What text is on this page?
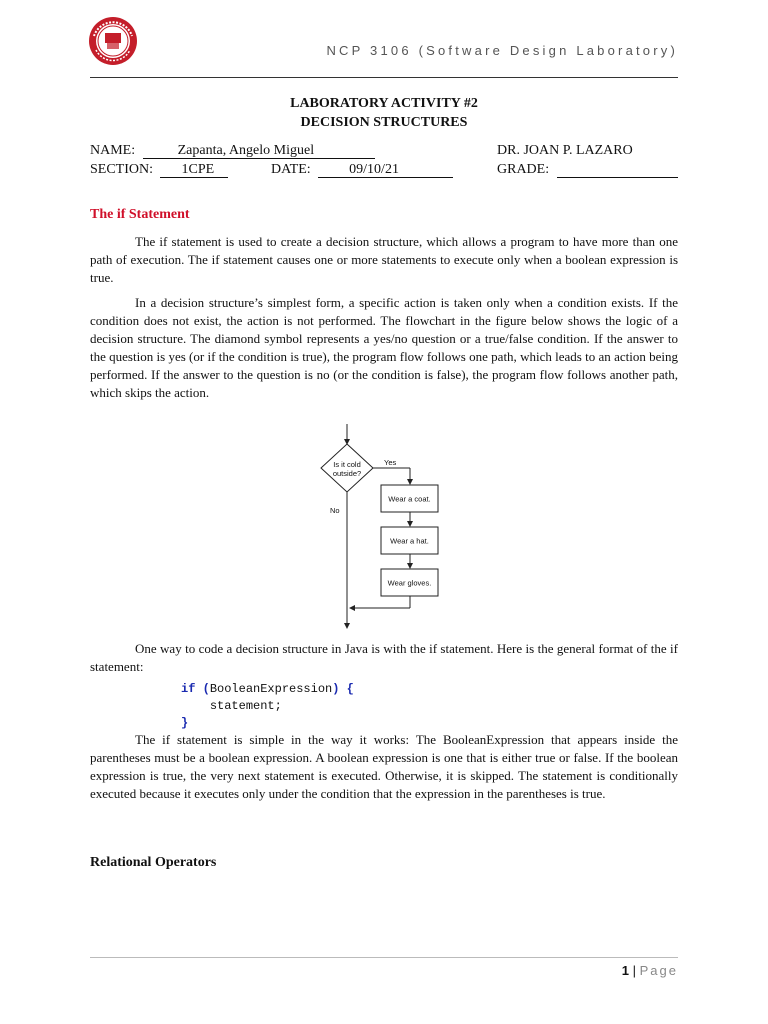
NCP 3106 (Software Design Laboratory)
LABORATORY ACTIVITY #2
DECISION STRUCTURES
NAME:	Zapanta, Angelo Miguel	DR. JOAN P. LAZARO
SECTION: 1CPE	DATE:	09/10/21	GRADE:
The if Statement
The if statement is used to create a decision structure, which allows a program to have more than one path of execution. The if statement causes one or more statements to execute only when a boolean expression is true.
In a decision structure’s simplest form, a specific action is taken only when a condition exists. If the condition does not exist, the action is not performed. The flowchart in the figure below shows the logic of a decision structure. The diamond symbol represents a yes/no question or a true/false condition. If the answer to the question is yes (or if the condition is true), the program flow follows one path, which leads to an action being performed. If the answer to the question is no (or the condition is false), the program flow follows another path, which skips the action.
Is it cold
outside?
Yes
No
Wear a coat.
Wear a hat.
Wear gloves.
One way to code a decision structure in Java is with the if statement. Here is the general format of the if statement:
if (BooleanExpression) {
statement;
}
The if statement is simple in the way it works: The BooleanExpression that appears inside the parentheses must be a boolean expression. A boolean expression is one that is either true or false. If the boolean expression is true, the very next statement is executed. Otherwise, it is skipped. The statement is conditionally executed because it executes only under the condition that the expression in the parentheses is true.
Relational Operators
1 | Page
